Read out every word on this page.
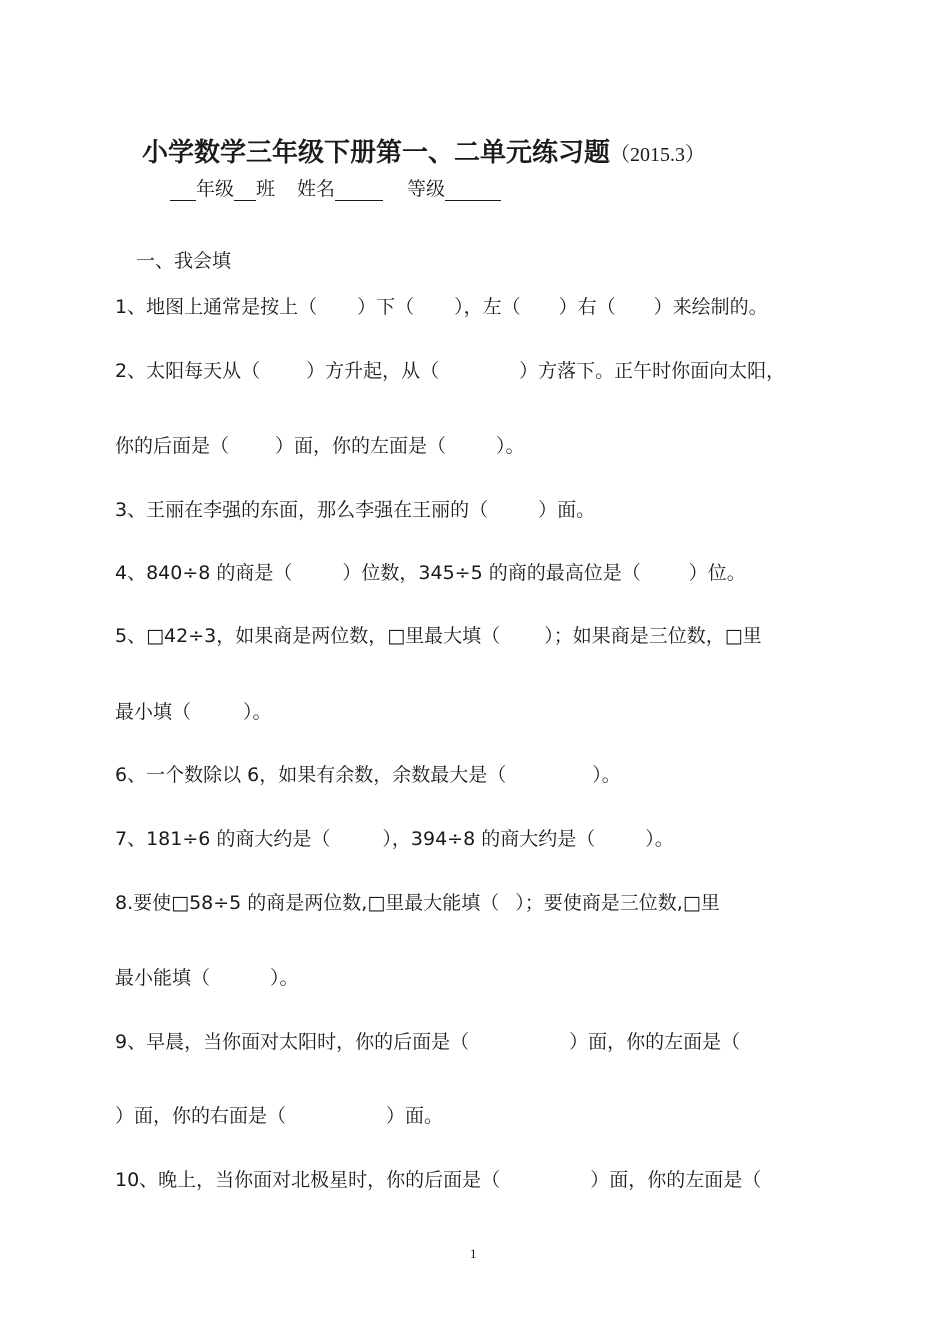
小学数学三年级下册第一、二单元练习题（2015.3）
年级 班 姓名	等级
一、我会填
1、地图上通常是按上（ ）下（ ），左（ ）右（ ）来绘制的。
2、太阳每天从（ ）方升起，从（	）方落下。正午时你面向太阳，
你的后面是（ ）面，你的左面是（	）。
3、王丽在李强的东面，那么李强在王丽的（	）面。
4、840÷8 的商是（	）位数，345÷5 的商的最高位是（	）位。
5、□42÷3，如果商是两位数，□里最大填（ ）；如果商是三位数，□里
最小填（	）。
6、一个数除以 6，如果有余数，余数最大是（	）。
7、181÷6 的商大约是（	），394÷8 的商大约是（	）。
8.要使□58÷5 的商是两位数,□里最大能填（ ）；要使商是三位数,□里
最小能填（	）。
9、早晨，当你面对太阳时，你的后面是（	）面，你的左面是（
）面，你的右面是（	）面。
10、晚上，当你面对北极星时，你的后面是（	）面，你的左面是（
1
